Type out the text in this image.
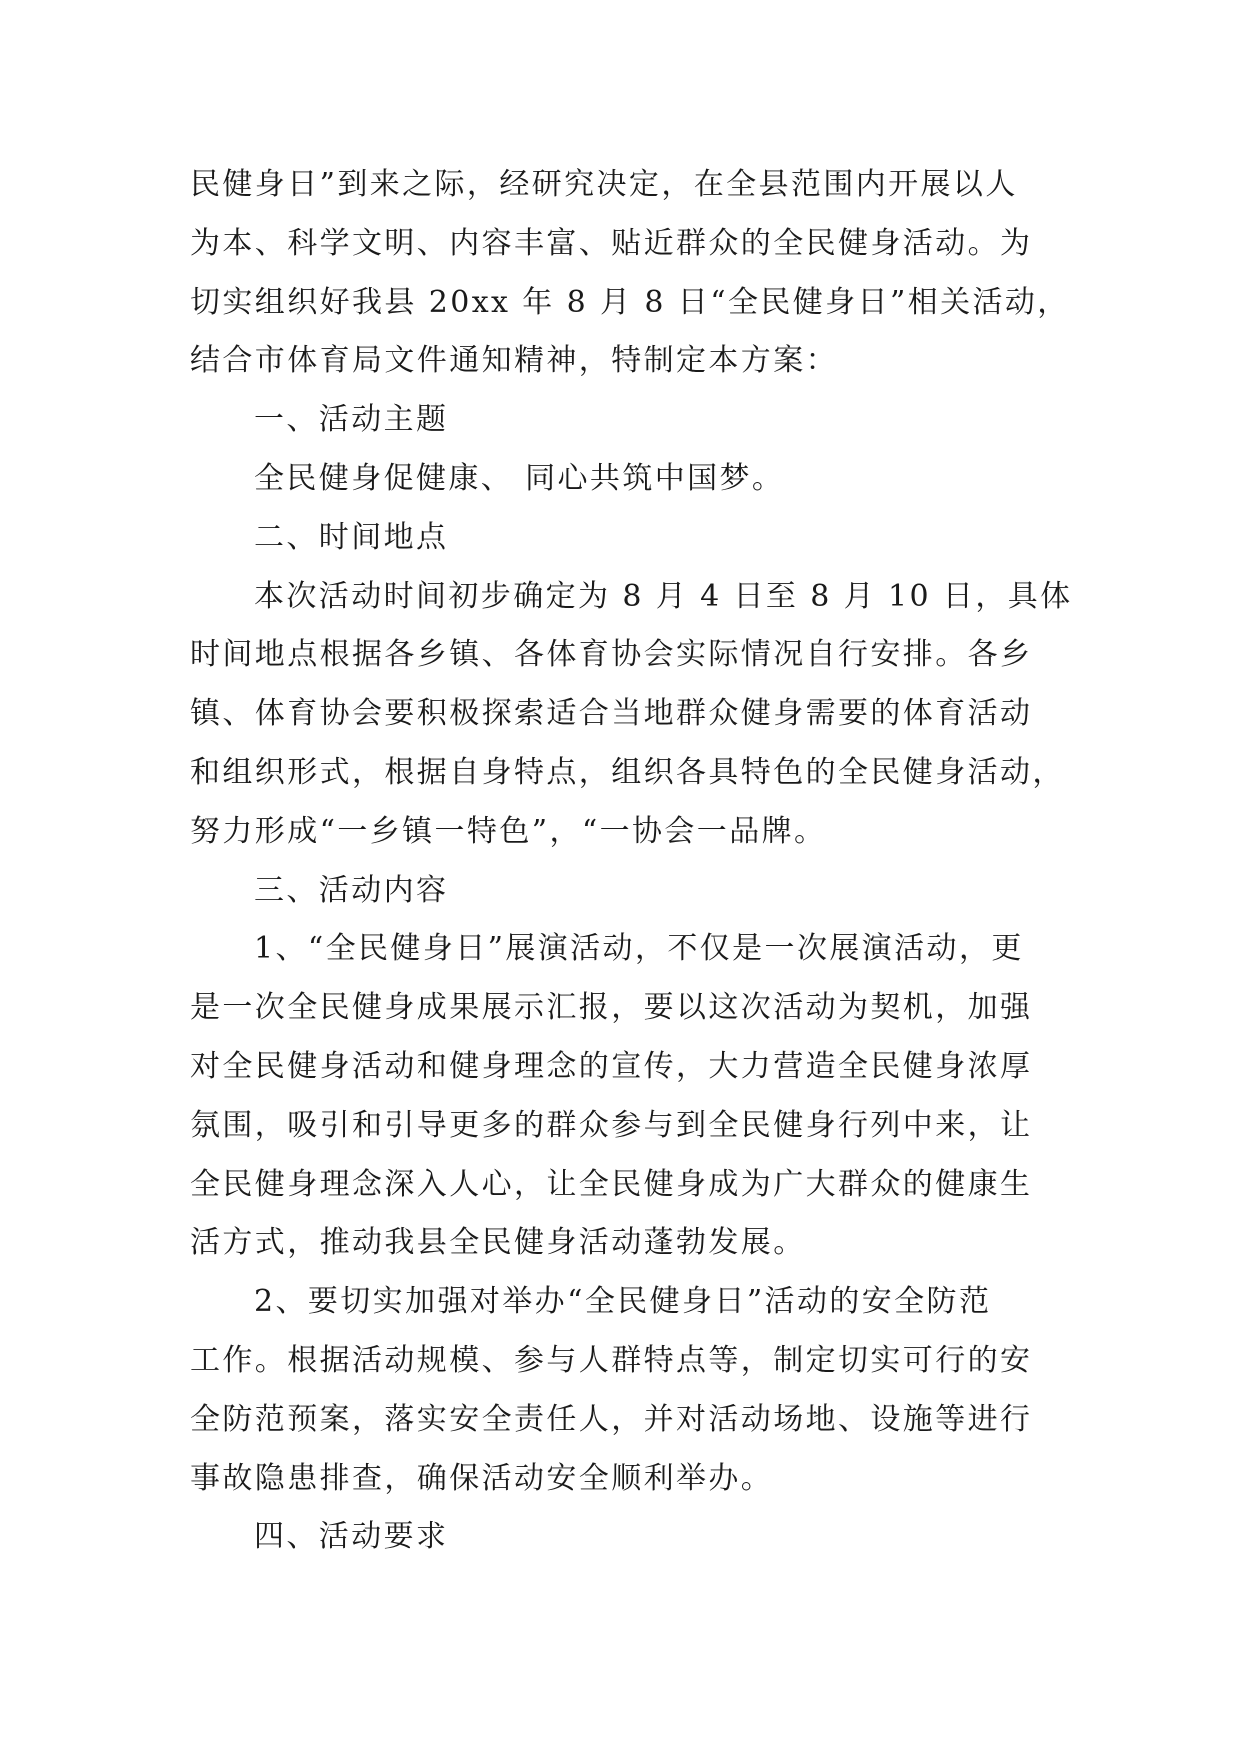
民健身日”到来之际，经研究决定，在全县范围内开展以人
为本、科学文明、内容丰富、贴近群众的全民健身活动。为
切实组织好我县 20xx 年 8 月 8 日“全民健身日”相关活动，
结合市体育局文件通知精神，特制定本方案：

一、活动主题

全民健身促健康、 同心共筑中国梦。

二、时间地点

本次活动时间初步确定为 8 月 4 日至 8 月 10 日，具体
时间地点根据各乡镇、各体育协会实际情况自行安排。各乡
镇、体育协会要积极探索适合当地群众健身需要的体育活动
和组织形式，根据自身特点，组织各具特色的全民健身活动，
努力形成“一乡镇一特色”，“一协会一品牌。

三、活动内容

1、“全民健身日”展演活动，不仅是一次展演活动，更
是一次全民健身成果展示汇报，要以这次活动为契机，加强
对全民健身活动和健身理念的宣传，大力营造全民健身浓厚
氛围，吸引和引导更多的群众参与到全民健身行列中来，让
全民健身理念深入人心，让全民健身成为广大群众的健康生
活方式，推动我县全民健身活动蓬勃发展。

2、要切实加强对举办“全民健身日”活动的安全防范
工作。根据活动规模、参与人群特点等，制定切实可行的安
全防范预案，落实安全责任人，并对活动场地、设施等进行
事故隐患排查，确保活动安全顺利举办。

四、活动要求
